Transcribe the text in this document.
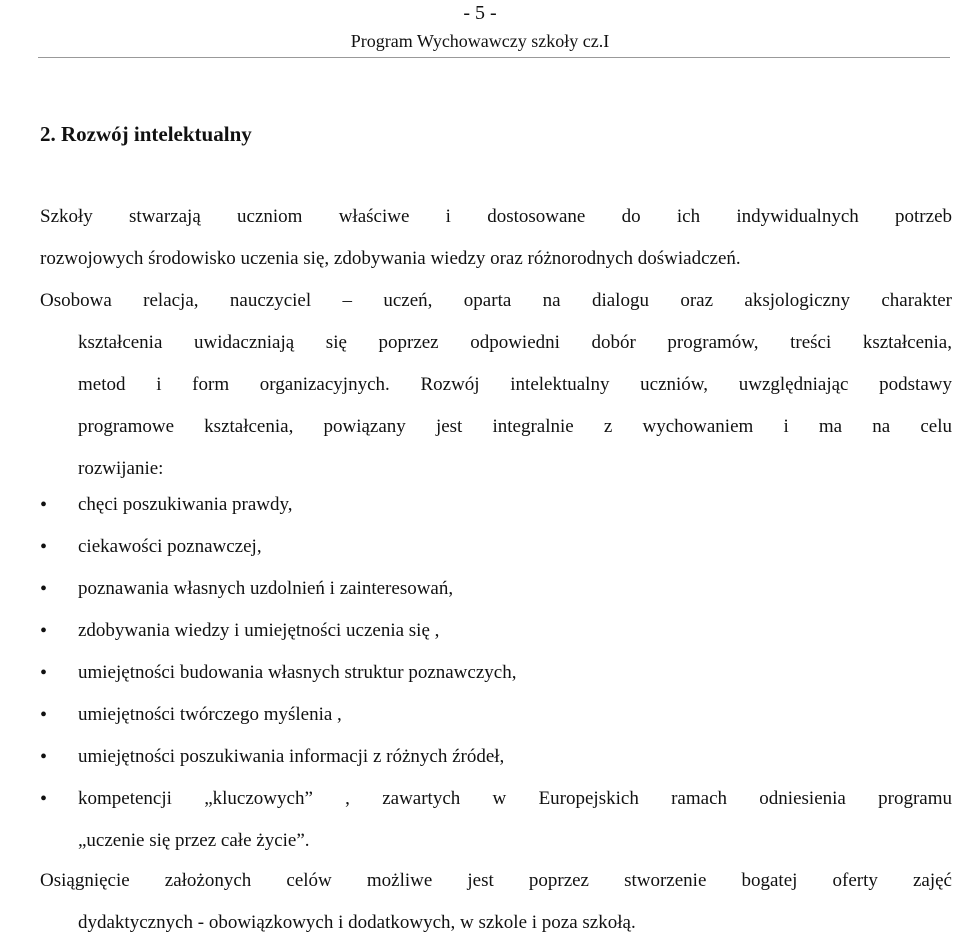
- 5 -
Program Wychowawczy szkoły cz.I
2. Rozwój intelektualny
Szkoły stwarzają uczniom właściwe i dostosowane do ich indywidualnych potrzeb
rozwojowych środowisko uczenia się, zdobywania wiedzy oraz różnorodnych doświadczeń.
Osobowa relacja, nauczyciel – uczeń, oparta na dialogu oraz aksjologiczny charakter
kształcenia uwidaczniają się poprzez odpowiedni dobór programów, treści kształcenia,
metod i form organizacyjnych. Rozwój intelektualny uczniów, uwzględniając podstawy
programowe kształcenia, powiązany jest integralnie z wychowaniem i ma na celu
rozwijanie:
• chęci poszukiwania prawdy,
• ciekawości poznawczej,
• poznawania własnych uzdolnień i zainteresowań,
• zdobywania wiedzy i umiejętności uczenia się ,
• umiejętności budowania własnych struktur poznawczych,
• umiejętności twórczego myślenia ,
• umiejętności poszukiwania informacji z różnych źródeł,
• kompetencji „kluczowych” , zawartych w Europejskich ramach odniesienia programu
„uczenie się przez całe życie”.
Osiągnięcie założonych celów możliwe jest poprzez stworzenie bogatej oferty zajęć
dydaktycznych - obowiązkowych i dodatkowych, w szkole i poza szkołą.
